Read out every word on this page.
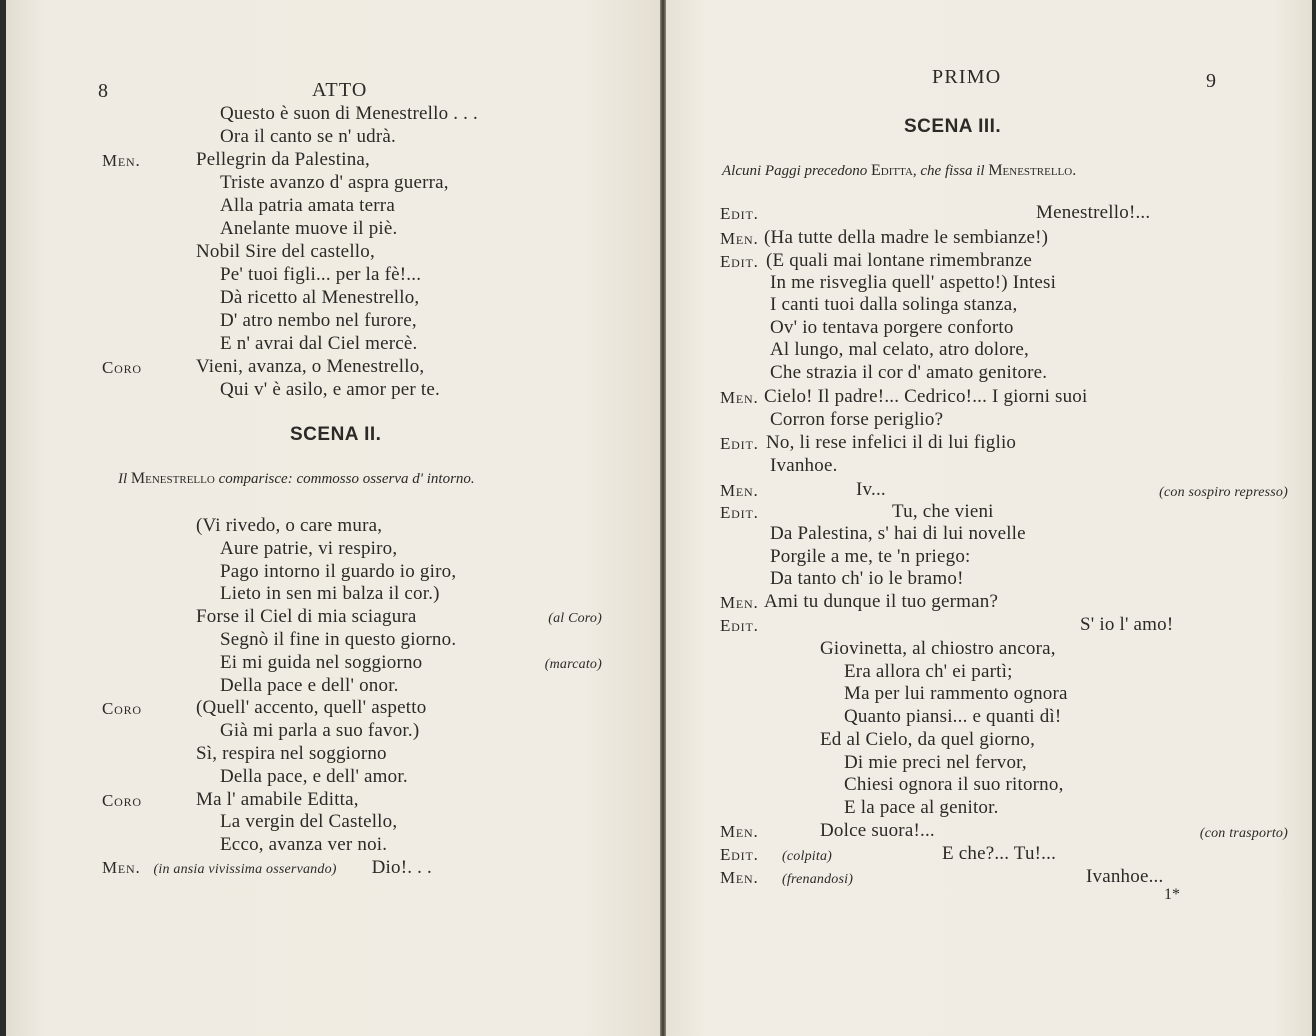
8	ATTO
Questo è suon di Menestrello . . .
Ora il canto se n' udrà.
Men.	Pellegrin da Palestina,
Triste avanzo d' aspra guerra,
Alla patria amata terra
Anelante muove il piè.
Nobil Sire del castello,
Pe' tuoi figli... per la fè!...
Dà ricetto al Menestrello,
D' atro nembo nel furore,
E n' avrai dal Ciel mercè.
Coro	Vieni, avanza, o Menestrello,
Qui v' è asilo, e amor per te.
SCENA II.
Il Menestrello comparisce: commosso osserva d' intorno.
(Vi rivedo, o care mura,
Aure patrie, vi respiro,
Pago intorno il guardo io giro,
Lieto in sen mi balza il cor.)
Forse il Ciel di mia sciagura	(al Coro)
Segnò il fine in questo giorno.
Ei mi guida nel soggiorno	(marcato)
Della pace e dell' onor.
Coro	(Quell' accento, quell' aspetto
Già mi parla a suo favor.)
Sì, respira nel soggiorno
Della pace, e dell' amor.
Coro	Ma l' amabile Editta,
La vergin del Castello,
Ecco, avanza ver noi.
Men. (in ansia vivissima osservando) Dio!. . .
PRIMO	9
SCENA III.
Alcuni Paggi precedono Editta, che fissa il Menestrello.
Edit.	Menestrello!...
Men. (Ha tutte della madre le sembianze!)
Edit. (E quali mai lontane rimembranze
In me risveglia quell' aspetto!) Intesi
I canti tuoi dalla solinga stanza,
Ov' io tentava porgere conforto
Al lungo, mal celato, atro dolore,
Che strazia il cor d' amato genitore.
Men. Cielo! Il padre!... Cedrico!... I giorni suoi
Corron forse periglio?
Edit. No, li rese infelici il di lui figlio
Ivanhoe.
Men.	Iv...	(con sospiro represso)
Edit.	Tu, che vieni
Da Palestina, s' hai di lui novelle
Porgile a me, te 'n priego:
Da tanto ch' io le bramo!
Men. Ami tu dunque il tuo german?
Edit.	S' io l' amo!
Giovinetta, al chiostro ancora,
Era allora ch' ei partì;
Ma per lui rammento ognora
Quanto piansi... e quanti dì!
Ed al Cielo, da quel giorno,
Di mie preci nel fervor,
Chiesi ognora il suo ritorno,
E la pace al genitor.
Men.	Dolce suora!...	(con trasporto)
Edit. (colpita)	E che?... Tu!...
Men. (frenandosi)	Ivanhoe...
1*
